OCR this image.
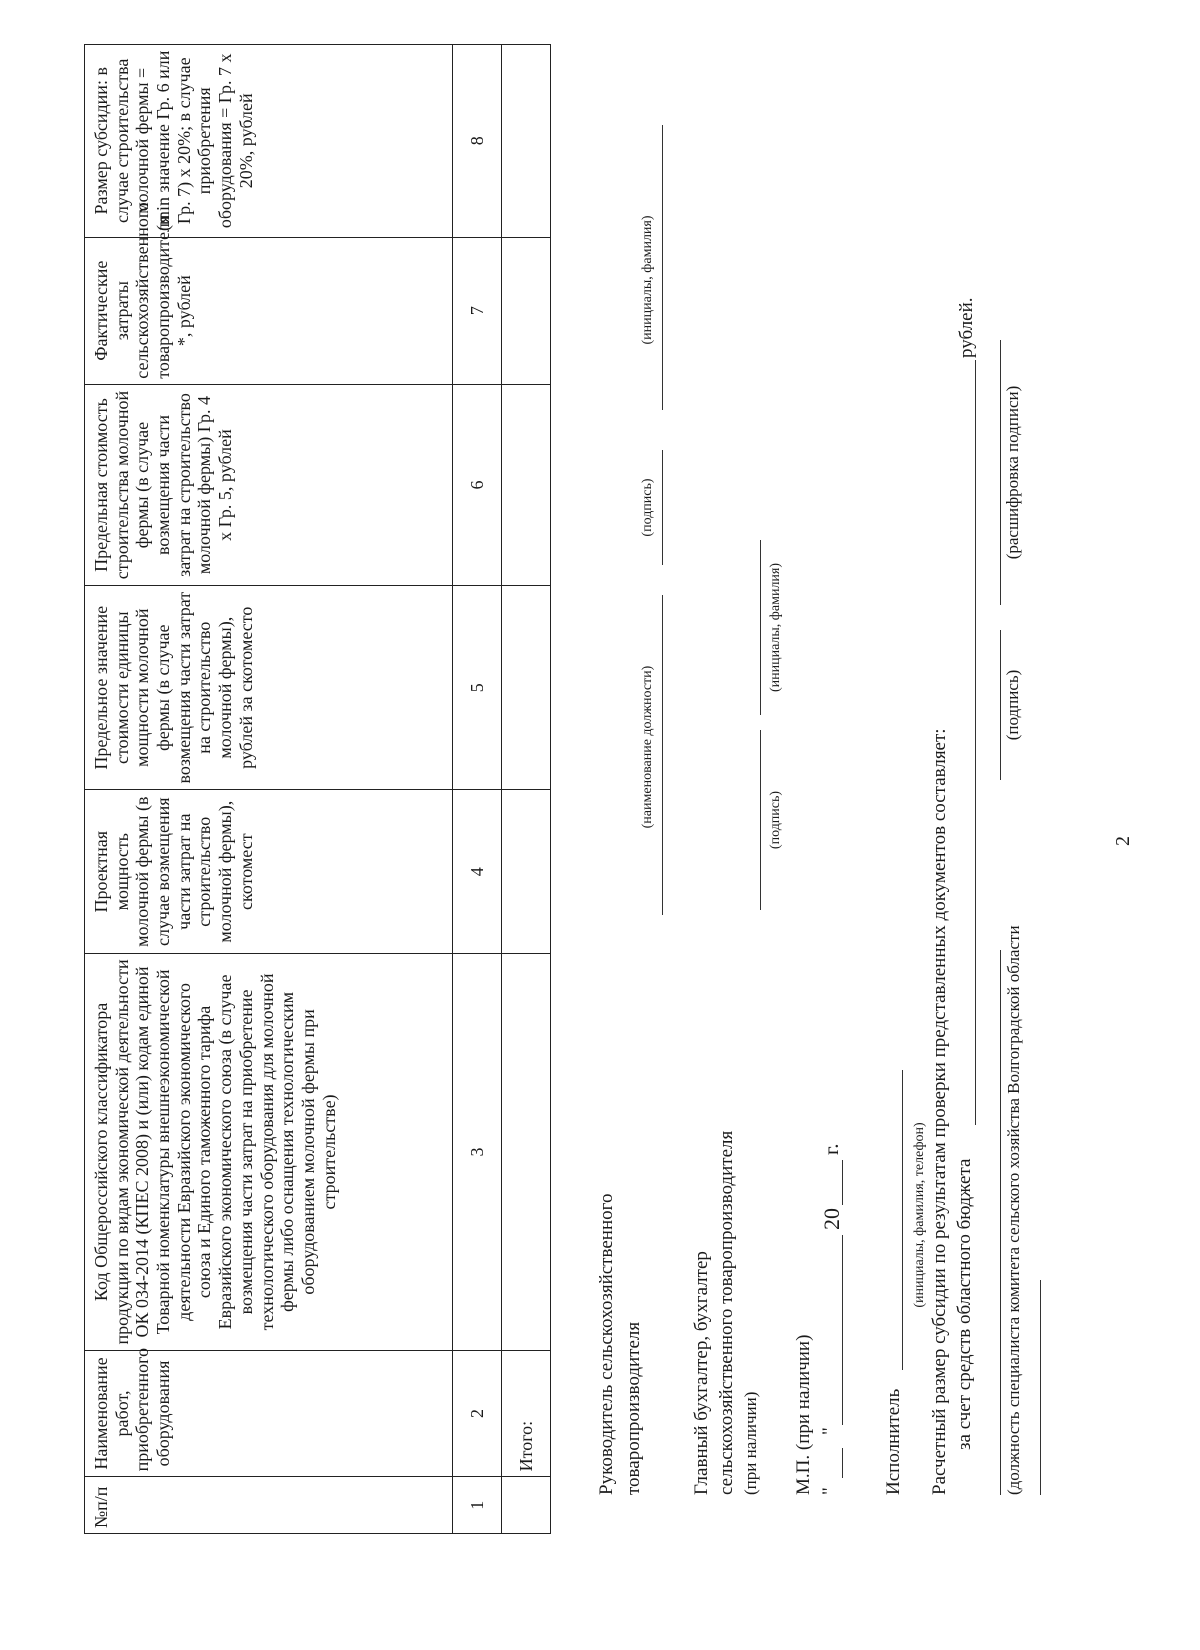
2
№п/п	Наименование работ, приобретенного оборудования	Код Общероссийского классификатора продукции по видам экономической деятельности ОК 034-2014 (КПЕС 2008) и (или) кодам единой Товарной номенклатуры внешнеэкономической деятельности Евразийского экономического союза и Единого таможенного тарифа Евразийского экономического союза (в случае возмещения части затрат на приобретение технологического оборудования для молочной фермы либо оснащения технологическим оборудованием молочной фермы при строительстве)	Проектная мощность молочной фермы (в случае возмещения части затрат на строительство молочной фермы), скотомест	Предельное значение стоимости единицы мощности молочной фермы (в случае возмещения части затрат на строительство молочной фермы), рублей за скотоместо	Предельная стоимость строительства молочной фермы (в случае возмещения части затрат на строительство молочной фермы) Гр. 4 х Гр. 5, рублей	Фактические затраты сельскохозяйственного товаропроизводителя *, рублей	Размер субсидии: в случае строительства молочной фермы = (min значение Гр. 6 или Гр. 7) х 20%; в случае приобретения оборудования = Гр. 7 х 20%, рублей
1	2	3	4	5	6	7	8
	Итого:							Руководитель сельскохозяйственного товаропроизводителя
(наименование должности)
(подпись)
(инициалы, фамилия)
Главный бухгалтер, бухгалтер сельскохозяйственного товаропроизводителя (при наличии)
(подпись)
(инициалы, фамилия)
М.П. (при наличии) "
"
20
г.
Исполнитель
(инициалы, фамилия, телефон) Расчетный размер субсидии по результатам проверки представленных документов составляет: за счет средств областного бюджета
рублей.
(должность специалиста комитета сельского хозяйства Волгоградской области
(подпись)
(расшифровка подписи)
